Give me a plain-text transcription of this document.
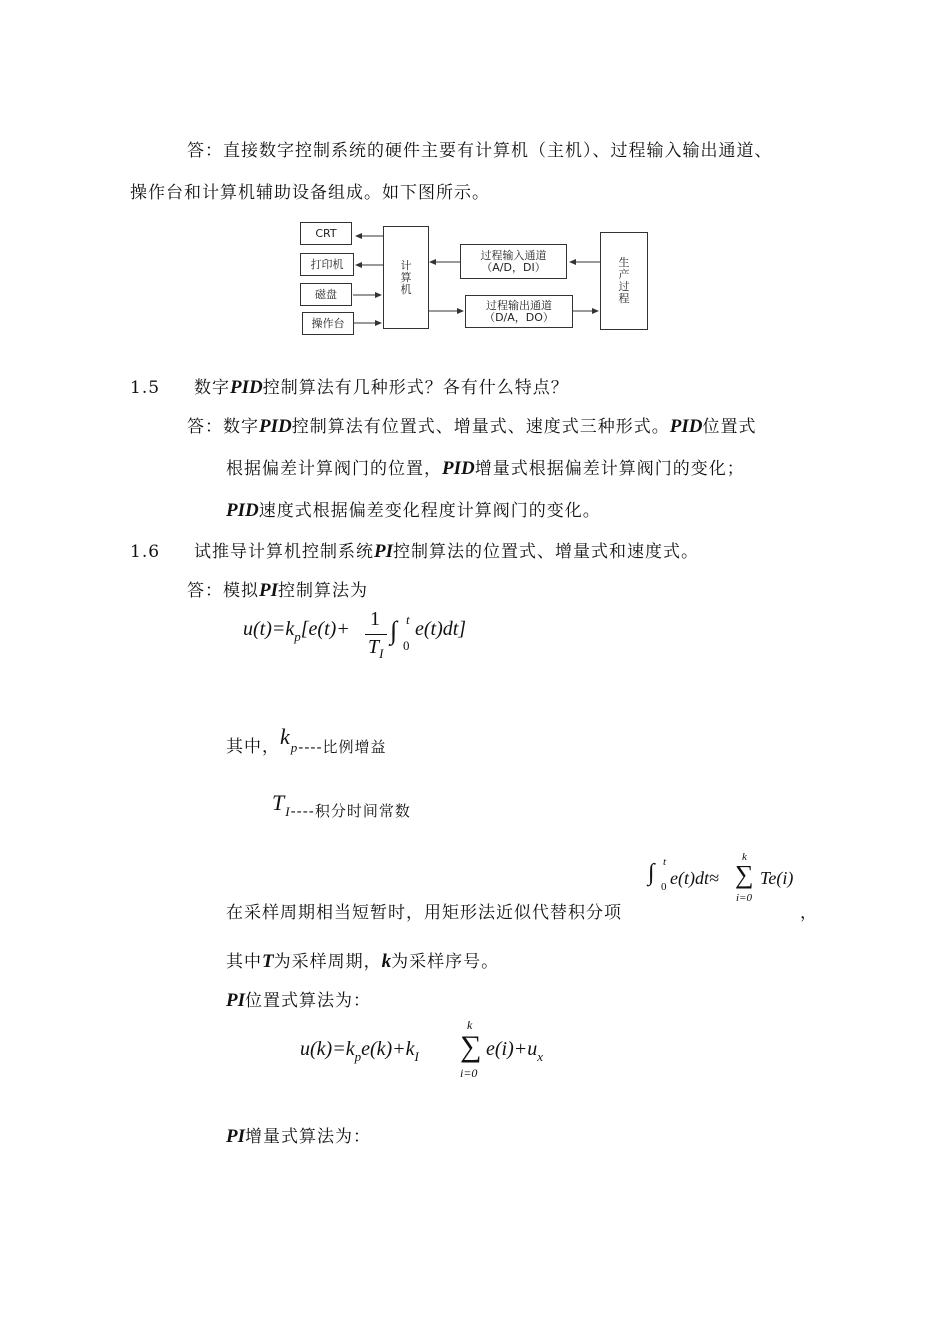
答：直接数字控制系统的硬件主要有计算机（主机）、过程输入输出通道、
操作台和计算机辅助设备组成。如下图所示。
CRT
打印机
磁盘
操作台
计
算
机
过程输入通道
（A/D，DI）
过程输出通道
（D/A，DO）
生
产
过
程
1.5 数字PID控制算法有几种形式？各有什么特点？
答：数字PID控制算法有位置式、增量式、速度式三种形式。PID位置式
根据偏差计算阀门的位置，PID增量式根据偏差计算阀门的变化；
PID速度式根据偏差变化程度计算阀门的变化。
1.6 试推导计算机控制系统PI控制算法的位置式、增量式和速度式。
答：模拟PI控制算法为
$u(t)=k_p[e(t)+ 1$
$T_I$
∫ t
0
e(t)dt]
其中，kp----比例增益
TI----积分时间常数
在采样周期相当短暂时，用矩形法近似代替积分项
∫ t
0 e(t)dt≈ ∑
k
i=0
Te(i)
，
其中T为采样周期，k为采样序号。
PI位置式算法为：
$u(k)=k_pe(k)+k_I$ ∑
k
i=0
$e(i)+u_x$
PI增量式算法为：
